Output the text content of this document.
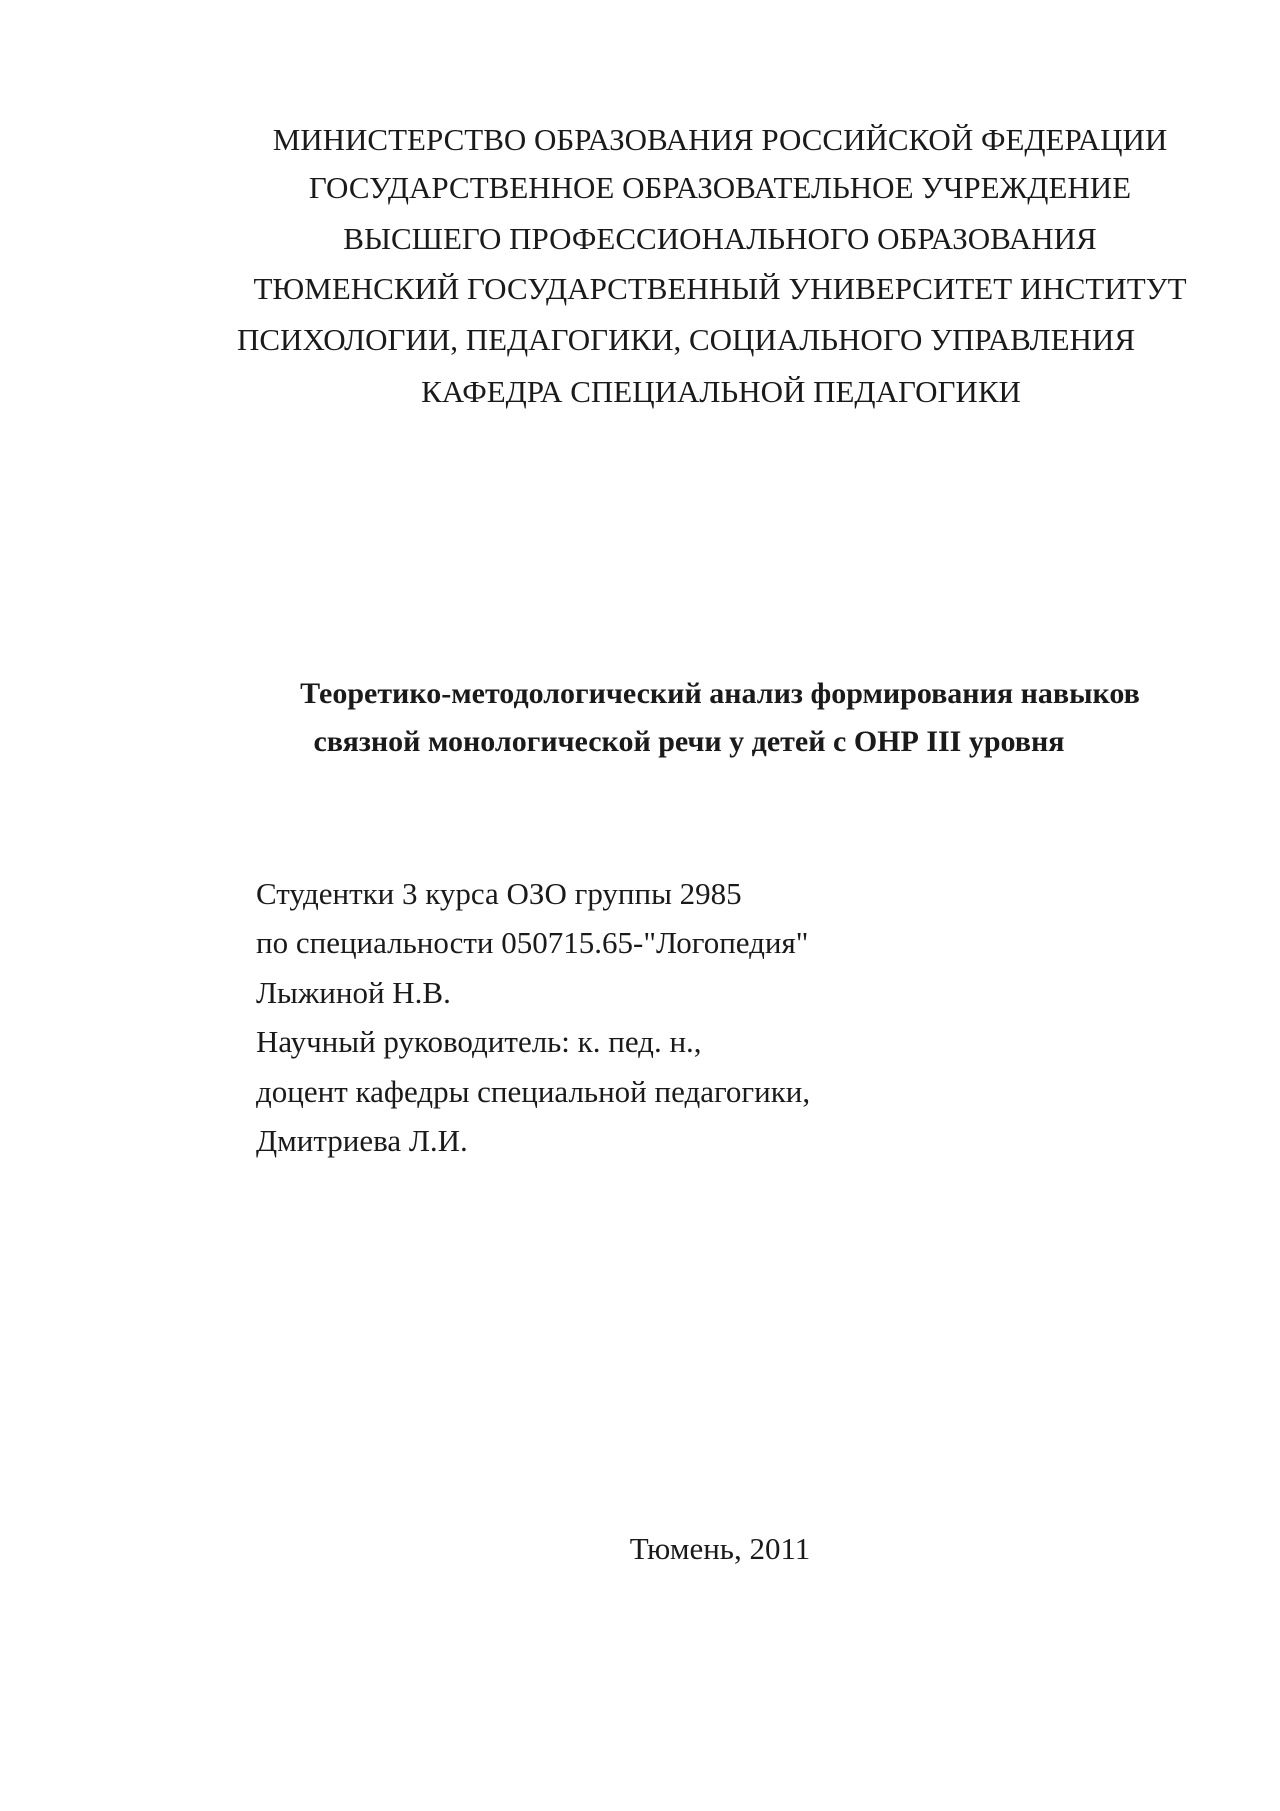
МИНИСТЕРСТВО ОБРАЗОВАНИЯ РОССИЙСКОЙ ФЕДЕРАЦИИ
ГОСУДАРСТВЕННОЕ ОБРАЗОВАТЕЛЬНОЕ УЧРЕЖДЕНИЕ
ВЫСШЕГО ПРОФЕССИОНАЛЬНОГО ОБРАЗОВАНИЯ
ТЮМЕНСКИЙ ГОСУДАРСТВЕННЫЙ УНИВЕРСИТЕТ ИНСТИТУТ
ПСИХОЛОГИИ, ПЕДАГОГИКИ, СОЦИАЛЬНОГО УПРАВЛЕНИЯ
КАФЕДРА СПЕЦИАЛЬНОЙ ПЕДАГОГИКИ
Теоретико-методологический анализ формирования навыков
связной монологической речи у детей с ОНР III уровня
Студентки 3 курса ОЗО группы 2985
по специальности 050715.65-"Логопедия"
Лыжиной Н.В.
Научный руководитель: к. пед. н.,
доцент кафедры специальной педагогики,
Дмитриева Л.И.
Тюмень, 2011
